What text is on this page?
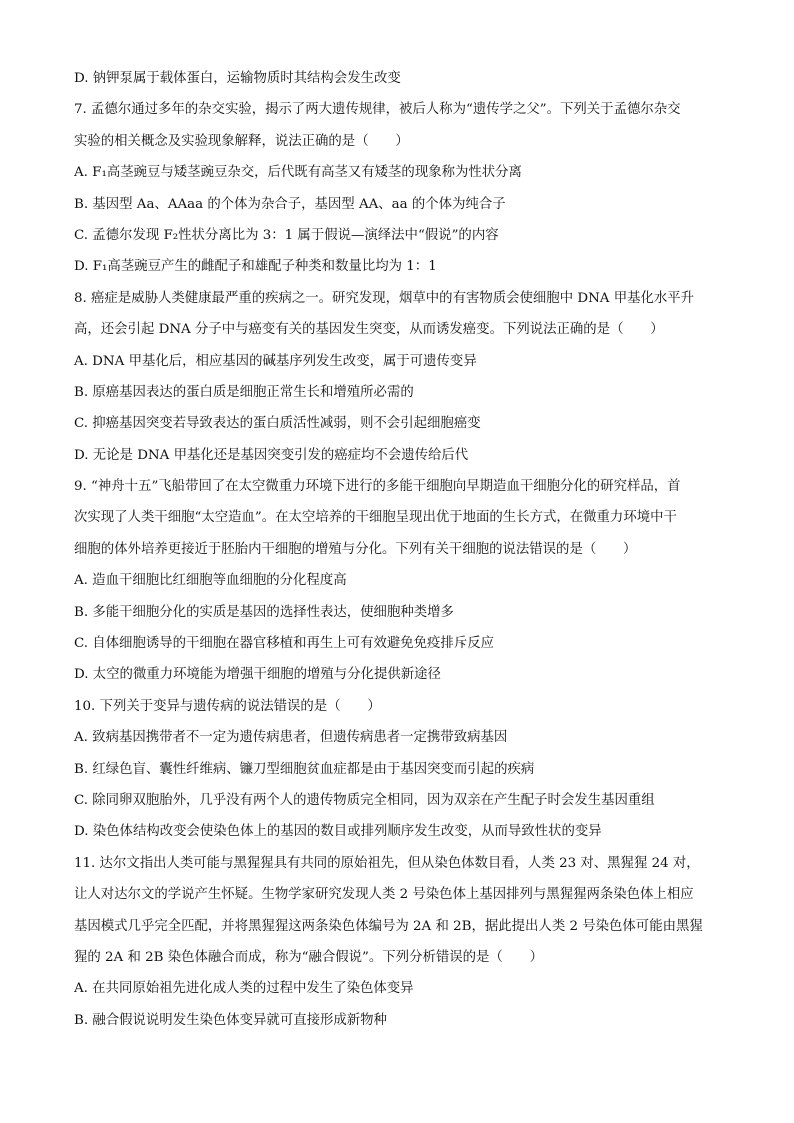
D. 钠钾泵属于载体蛋白，运输物质时其结构会发生改变
7. 孟德尔通过多年的杂交实验，揭示了两大遗传规律，被后人称为“遗传学之父”。下列关于孟德尔杂交
实验的相关概念及实验现象解释，说法正确的是（　　）
A. F₁高茎豌豆与矮茎豌豆杂交，后代既有高茎又有矮茎的现象称为性状分离
B. 基因型 Aa、AAaa 的个体为杂合子，基因型 AA、aa 的个体为纯合子
C. 孟德尔发现 F₂性状分离比为 3：1 属于假说—演绎法中“假说”的内容
D. F₁高茎豌豆产生的雌配子和雄配子种类和数量比均为 1：1
8. 癌症是威胁人类健康最严重的疾病之一。研究发现，烟草中的有害物质会使细胞中 DNA 甲基化水平升
高，还会引起 DNA 分子中与癌变有关的基因发生突变，从而诱发癌变。下列说法正确的是（　　）
A. DNA 甲基化后，相应基因的碱基序列发生改变，属于可遗传变异
B. 原癌基因表达的蛋白质是细胞正常生长和增殖所必需的
C. 抑癌基因突变若导致表达的蛋白质活性减弱，则不会引起细胞癌变
D. 无论是 DNA 甲基化还是基因突变引发的癌症均不会遗传给后代
9. “神舟十五”飞船带回了在太空微重力环境下进行的多能干细胞向早期造血干细胞分化的研究样品，首
次实现了人类干细胞“太空造血”。在太空培养的干细胞呈现出优于地面的生长方式，在微重力环境中干
细胞的体外培养更接近于胚胎内干细胞的增殖与分化。下列有关干细胞的说法错误的是（　　）
A. 造血干细胞比红细胞等血细胞的分化程度高
B. 多能干细胞分化的实质是基因的选择性表达，使细胞种类增多
C. 自体细胞诱导的干细胞在器官移植和再生上可有效避免免疫排斥反应
D. 太空的微重力环境能为增强干细胞的增殖与分化提供新途径
10. 下列关于变异与遗传病的说法错误的是（　　）
A. 致病基因携带者不一定为遗传病患者，但遗传病患者一定携带致病基因
B. 红绿色盲、囊性纤维病、镰刀型细胞贫血症都是由于基因突变而引起的疾病
C. 除同卵双胞胎外，几乎没有两个人的遗传物质完全相同，因为双亲在产生配子时会发生基因重组
D. 染色体结构改变会使染色体上的基因的数目或排列顺序发生改变，从而导致性状的变异
11. 达尔文指出人类可能与黑猩猩具有共同的原始祖先，但从染色体数目看，人类 23 对、黑猩猩 24 对，
让人对达尔文的学说产生怀疑。生物学家研究发现人类 2 号染色体上基因排列与黑猩猩两条染色体上相应
基因模式几乎完全匹配，并将黑猩猩这两条染色体编号为 2A 和 2B，据此提出人类 2 号染色体可能由黑猩
猩的 2A 和 2B 染色体融合而成，称为“融合假说”。下列分析错误的是（　　）
A. 在共同原始祖先进化成人类的过程中发生了染色体变异
B. 融合假说说明发生染色体变异就可直接形成新物种
